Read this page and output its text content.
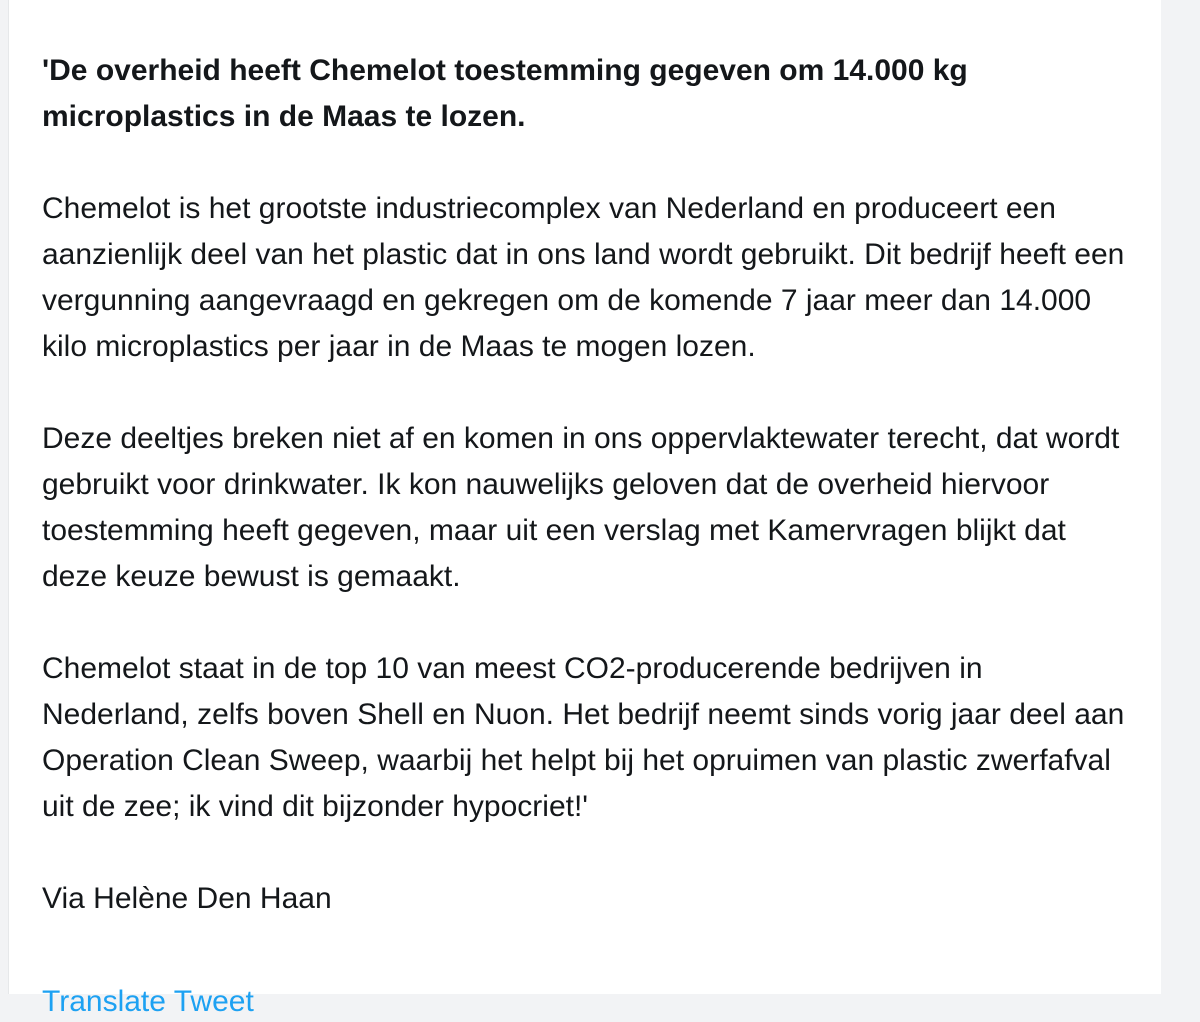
'De overheid heeft Chemelot toestemming gegeven om 14.000 kg microplastics in de Maas te lozen.

Chemelot is het grootste industriecomplex van Nederland en produceert een aanzienlijk deel van het plastic dat in ons land wordt gebruikt. Dit bedrijf heeft een vergunning aangevraagd en gekregen om de komende 7 jaar meer dan 14.000 kilo microplastics per jaar in de Maas te mogen lozen.

Deze deeltjes breken niet af en komen in ons oppervlaktewater terecht, dat wordt gebruikt voor drinkwater. Ik kon nauwelijks geloven dat de overheid hiervoor toestemming heeft gegeven, maar uit een verslag met Kamervragen blijkt dat deze keuze bewust is gemaakt.

Chemelot staat in de top 10 van meest CO2-producerende bedrijven in Nederland, zelfs boven Shell en Nuon. Het bedrijf neemt sinds vorig jaar deel aan Operation Clean Sweep, waarbij het helpt bij het opruimen van plastic zwerfafval uit de zee; ik vind dit bijzonder hypocriet!'

Via Helène Den Haan

Translate Tweet
